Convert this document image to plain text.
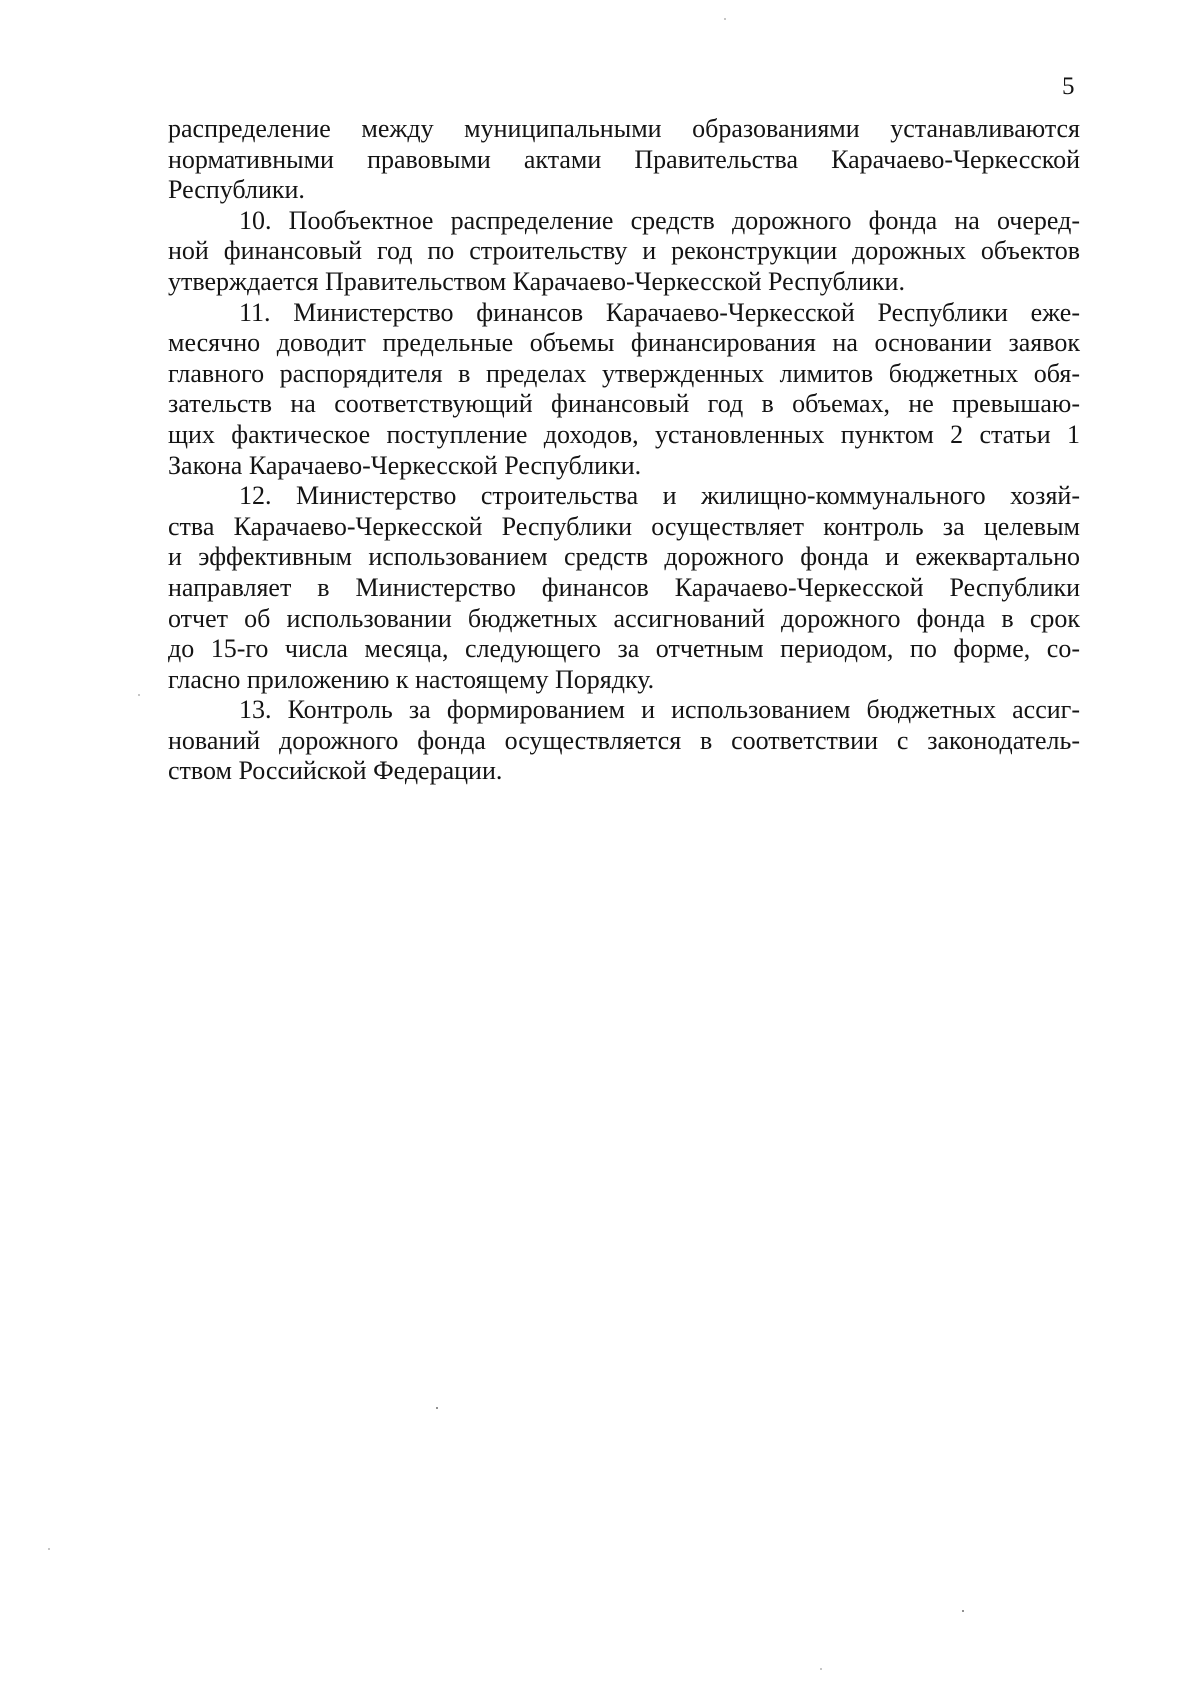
5
распределение между муниципальными образованиями устанавливаются
нормативными правовыми актами Правительства Карачаево-Черкесской
Республики.
10. Пообъектное распределение средств дорожного фонда на очеред-
ной финансовый год по строительству и реконструкции дорожных объектов
утверждается Правительством Карачаево-Черкесской Республики.
11. Министерство финансов Карачаево-Черкесской Республики еже-
месячно доводит предельные объемы финансирования на основании заявок
главного распорядителя в пределах утвержденных лимитов бюджетных обя-
зательств на соответствующий финансовый год в объемах, не превышаю-
щих фактическое поступление доходов, установленных пунктом 2 статьи 1
Закона Карачаево-Черкесской Республики.
12. Министерство строительства и жилищно-коммунального хозяй-
ства Карачаево-Черкесской Республики осуществляет контроль за целевым
и эффективным использованием средств дорожного фонда и ежеквартально
направляет в Министерство финансов Карачаево-Черкесской Республики
отчет об использовании бюджетных ассигнований дорожного фонда в срок
до 15-го числа месяца, следующего за отчетным периодом, по форме, со-
гласно приложению к настоящему Порядку.
13. Контроль за формированием и использованием бюджетных ассиг-
нований дорожного фонда осуществляется в соответствии с законодатель-
ством Российской Федерации.
